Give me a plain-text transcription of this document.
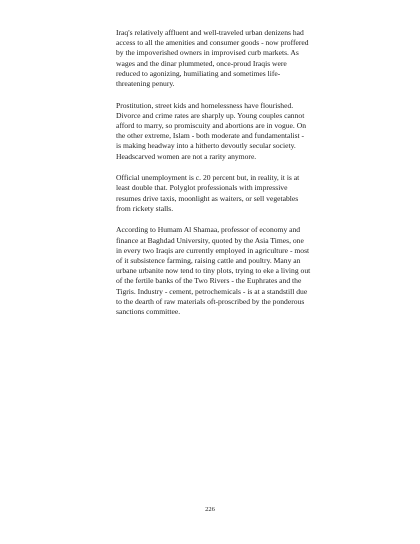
Iraq's relatively affluent and well-traveled urban denizens had access to all the amenities and consumer goods - now proffered by the impoverished owners in improvised curb markets. As wages and the dinar plummeted, once-proud Iraqis were reduced to agonizing, humiliating and sometimes life-threatening penury.

Prostitution, street kids and homelessness have flourished. Divorce and crime rates are sharply up. Young couples cannot afford to marry, so promiscuity and abortions are in vogue. On the other extreme, Islam - both moderate and fundamentalist - is making headway into a hitherto devoutly secular society. Headscarved women are not a rarity anymore.

Official unemployment is c. 20 percent but, in reality, it is at least double that. Polyglot professionals with impressive resumes drive taxis, moonlight as waiters, or sell vegetables from rickety stalls.

According to Humam Al Shamaa, professor of economy and finance at Baghdad University, quoted by the Asia Times, one in every two Iraqis are currently employed in agriculture - most of it subsistence farming, raising cattle and poultry. Many an urbane urbanite now tend to tiny plots, trying to eke a living out of the fertile banks of the Two Rivers - the Euphrates and the Tigris. Industry - cement, petrochemicals - is at a standstill due to the dearth of raw materials oft-proscribed by the ponderous sanctions committee.

226
